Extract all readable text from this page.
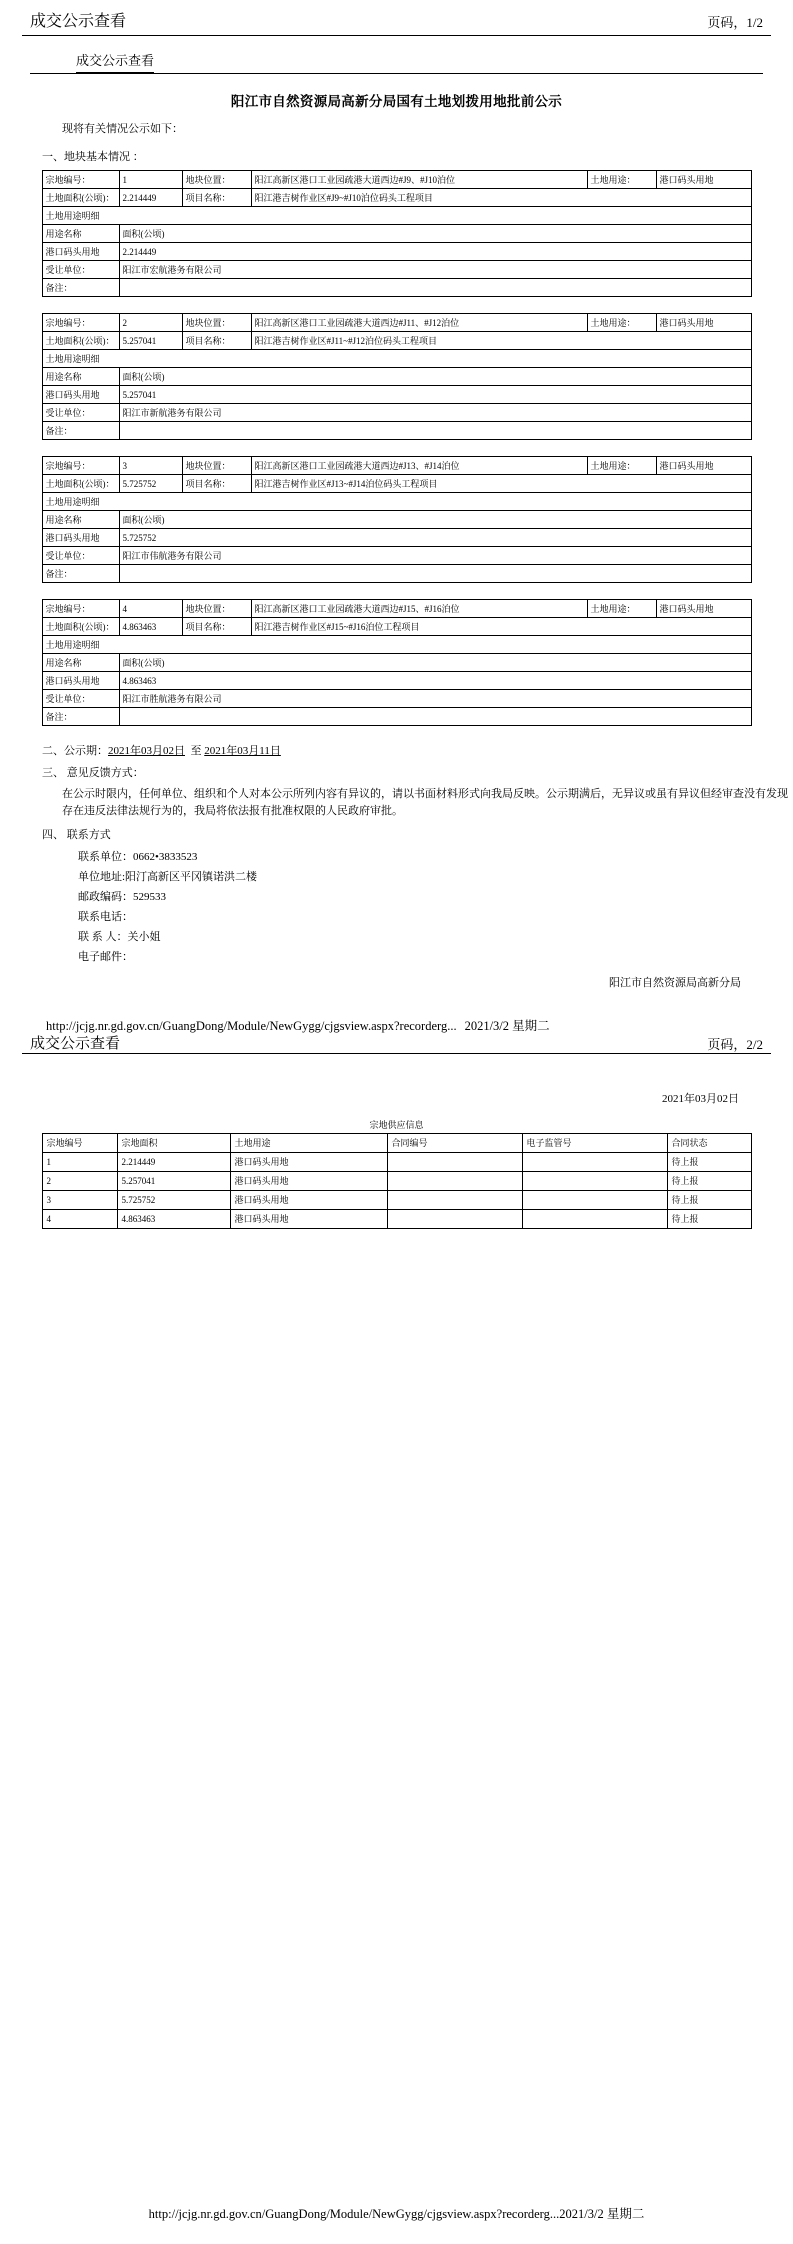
成交公示查看	页码，1/2
成交公示查看
阳江市自然资源局高新分局国有土地划拨用地批前公示
现将有关情况公示如下：
一、地块基本情况 ：
宗地编号：	1	地块位置：	阳江高新区港口工业园疏港大道西边#J9、#J10泊位	土地用途：	港口码头用地
土地面积(公顷)：	2.214449	项目名称：	阳江港吉树作业区#J9~#J10泊位码头工程项目		
土地用途明细					
用途名称	面积(公顷)				
港口码头用地	2.214449				
受让单位：	阳江市宏航港务有限公司				
备注：					
宗地编号：	2	地块位置：	阳江高新区港口工业园疏港大道西边#J11、#J12泊位	土地用途：	港口码头用地
土地面积(公顷)：	5.257041	项目名称：	阳江港吉树作业区#J11~#J12泊位码头工程项目		
土地用途明细					
用途名称	面积(公顷)				
港口码头用地	5.257041				
受让单位：	阳江市新航港务有限公司				
备注：					
宗地编号：	3	地块位置：	阳江高新区港口工业园疏港大道西边#J13、#J14泊位	土地用途：	港口码头用地
土地面积(公顷)：	5.725752	项目名称：	阳江港吉树作业区#J13~#J14泊位码头工程项目		
土地用途明细					
用途名称	面积(公顷)				
港口码头用地	5.725752				
受让单位：	阳江市伟航港务有限公司				
备注：					
宗地编号：	4	地块位置：	阳江高新区港口工业园疏港大道西边#J15、#J16泊位	土地用途：	港口码头用地
土地面积(公顷)：	4.863463	项目名称：	阳江港吉树作业区#J15~#J16泊位工程项目		
土地用途明细					
用途名称	面积(公顷)				
港口码头用地	4.863463				
受让单位：	阳江市胜航港务有限公司				
备注：					
二、公示期：2021年03月02日 至 2021年03月11日
三、 意见反馈方式：
在公示时限内，任何单位、组织和个人对本公示所列内容有异议的，请以书面材料形式向我局反映。公示期满后，无异议或虽有异议但经审查没有发现存在违反法律法规行为的，我局将依法报有批准权限的人民政府审批。
四、 联系方式
联系单位：0662•3833523
单位地址:阳汀高新区平冈镇诺洪二楼
邮政编码：529533
联系电话：
联 系 人：关小姐
电子邮件：
阳江市自然资源局高新分局
http://jcjg.nr.gd.gov.cn/GuangDong/Module/NewGygg/cjgsview.aspx?recorderg... 2021/3/2 星期二
成交公示查看	页码，2/2
2021年03月02日
宗地供应信息
宗地编号	宗地面积	土地用途	合同编号	电子监管号	合同状态
1	2.214449	港口码头用地			待上报
2	5.257041	港口码头用地			待上报
3	5.725752	港口码头用地			待上报
4	4.863463	港口码头用地			待上报
http://jcjg.nr.gd.gov.cn/GuangDong/Module/NewGygg/cjgsview.aspx?recorderg...2021/3/2 星期二
